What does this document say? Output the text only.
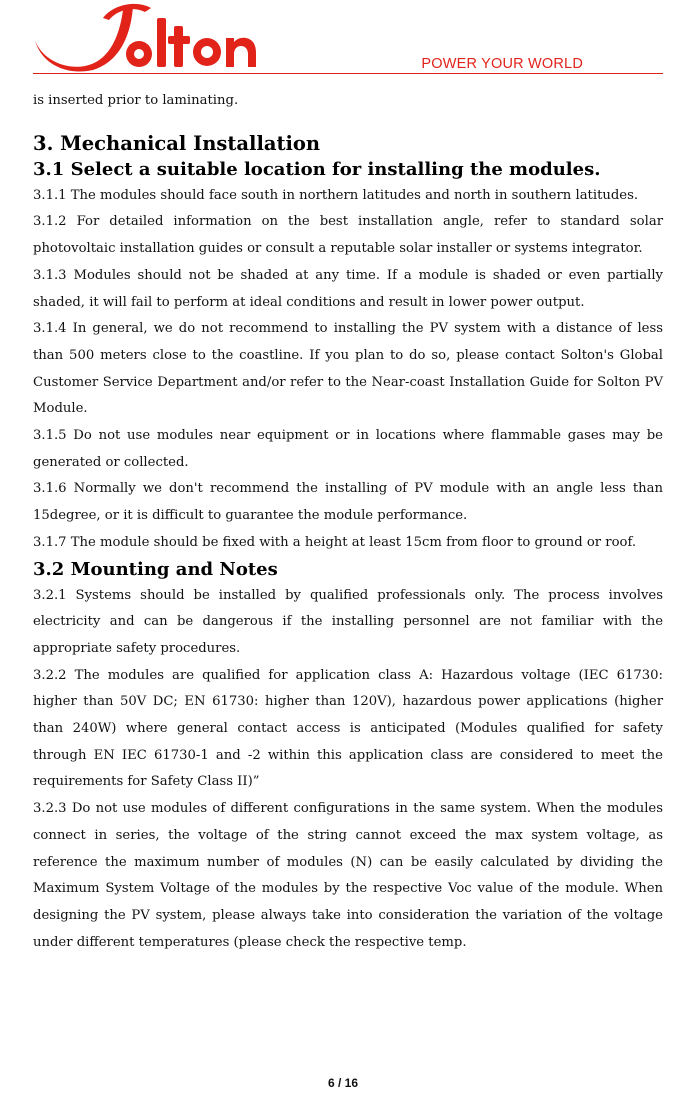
POWER YOUR WORLD

is inserted prior to laminating.

3. Mechanical Installation
3.1 Select a suitable location for installing the modules.

3.1.1 The modules should face south in northern latitudes and north in southern latitudes.

3.1.2 For detailed information on the best installation angle, refer to standard solar photovoltaic installation guides or consult a reputable solar installer or systems integrator.

3.1.3 Modules should not be shaded at any time. If a module is shaded or even partially shaded, it will fail to perform at ideal conditions and result in lower power output.

3.1.4 In general, we do not recommend to installing the PV system with a distance of less than 500 meters close to the coastline. If you plan to do so, please contact Solton's Global Customer Service Department and/or refer to the Near-coast Installation Guide for Solton PV Module.

3.1.5 Do not use modules near equipment or in locations where flammable gases may be generated or collected.

3.1.6 Normally we don't recommend the installing of PV module with an angle less than 15degree, or it is difficult to guarantee the module performance.

3.1.7 The module should be fixed with a height at least 15cm from floor to ground or roof.

3.2 Mounting and Notes

3.2.1 Systems should be installed by qualified professionals only. The process involves electricity and can be dangerous if the installing personnel are not familiar with the appropriate safety procedures.

3.2.2 The modules are qualified for application class A: Hazardous voltage (IEC 61730: higher than 50V DC; EN 61730: higher than 120V), hazardous power applications (higher than 240W) where general contact access is anticipated (Modules qualified for safety through EN IEC 61730-1 and -2 within this application class are considered to meet the requirements for Safety Class II)”

3.2.3 Do not use modules of different configurations in the same system. When the modules connect in series, the voltage of the string cannot exceed the max system voltage, as reference the maximum number of modules (N) can be easily calculated by dividing the Maximum System Voltage of the modules by the respective Voc value of the module. When designing the PV system, please always take into consideration the variation of the voltage under different temperatures (please check the respective temp.

6 / 16
